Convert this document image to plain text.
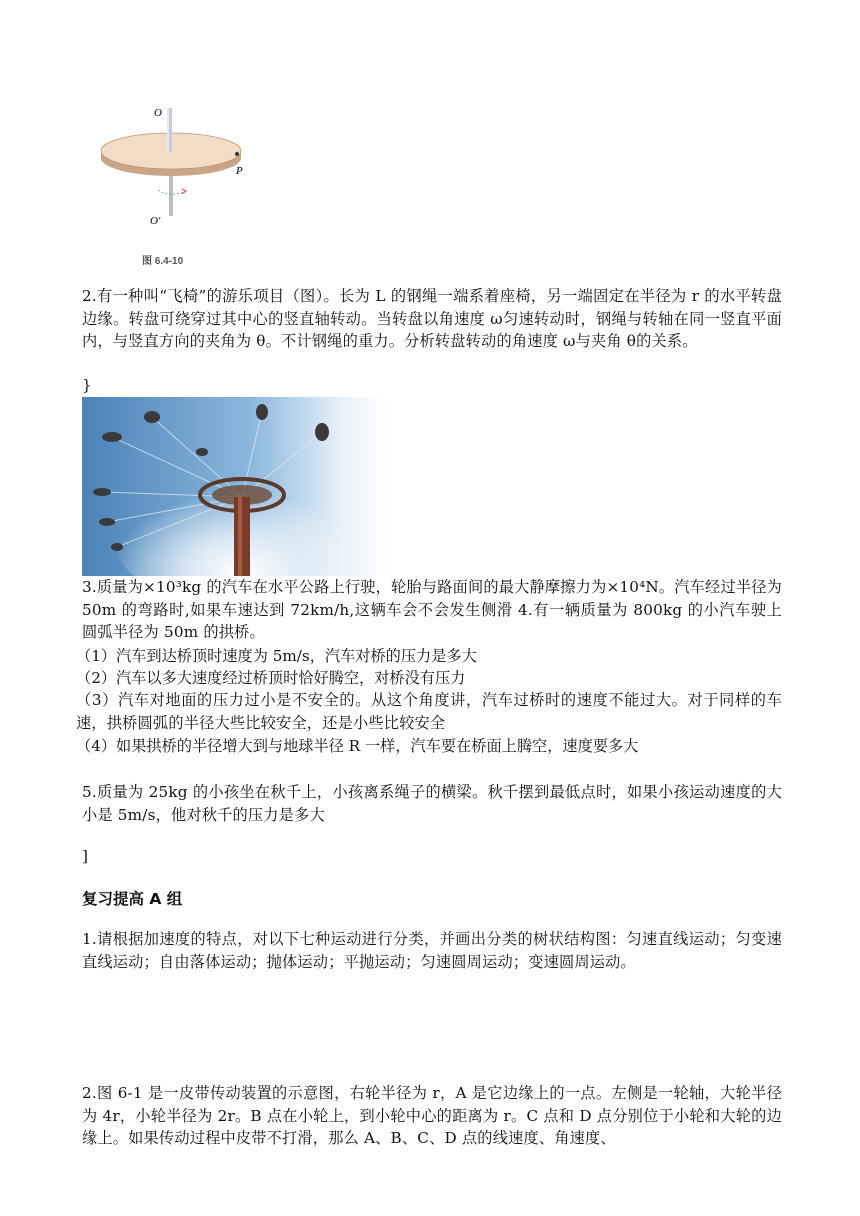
O
P
O′
图 6.4-10

2.有一种叫“飞椅”的游乐项目（图）。长为 L 的钢绳一端系着座椅，另一端固定在半径为 r 的水平转盘边缘。转盘可绕穿过其中心的竖直轴转动。当转盘以角速度 ω匀速转动时，钢绳与转轴在同一竖直平面内，与竖直方向的夹角为 θ。不计钢绳的重力。分析转盘转动的角速度 ω与夹角 θ的关系。

}

3.质量为×10³kg 的汽车在水平公路上行驶，轮胎与路面间的最大静摩擦力为×10⁴N。汽车经过半径为 50m 的弯路时,如果车速达到 72km/h,这辆车会不会发生侧滑 4.有一辆质量为 800kg 的小汽车驶上圆弧半径为 50m 的拱桥。

（1）汽车到达桥顶时速度为 5m/s，汽车对桥的压力是多大
（2）汽车以多大速度经过桥顶时恰好腾空，对桥没有压力

（3）汽车对地面的压力过小是不安全的。从这个角度讲，汽车过桥时的速度不能过大。对于同样的车速，拱桥圆弧的半径大些比较安全，还是小些比较安全

（4）如果拱桥的半径增大到与地球半径 R 一样，汽车要在桥面上腾空，速度要多大

5.质量为 25kg 的小孩坐在秋千上，小孩离系绳子的横梁。秋千摆到最低点时，如果小孩运动速度的大小是 5m/s，他对秋千的压力是多大

]
复习提高 A 组

1.请根据加速度的特点，对以下七种运动进行分类，并画出分类的树状结构图：匀速直线运动；匀变速直线运动；自由落体运动；抛体运动；平抛运动；匀速圆周运动；变速圆周运动。

2.图 6-1 是一皮带传动装置的示意图，右轮半径为 r，A 是它边缘上的一点。左侧是一轮轴，大轮半径为 4r，小轮半径为 2r。B 点在小轮上，到小轮中心的距离为 r。C 点和 D 点分别位于小轮和大轮的边缘上。如果传动过程中皮带不打滑，那么 A、B、C、D 点的线速度、角速度、
